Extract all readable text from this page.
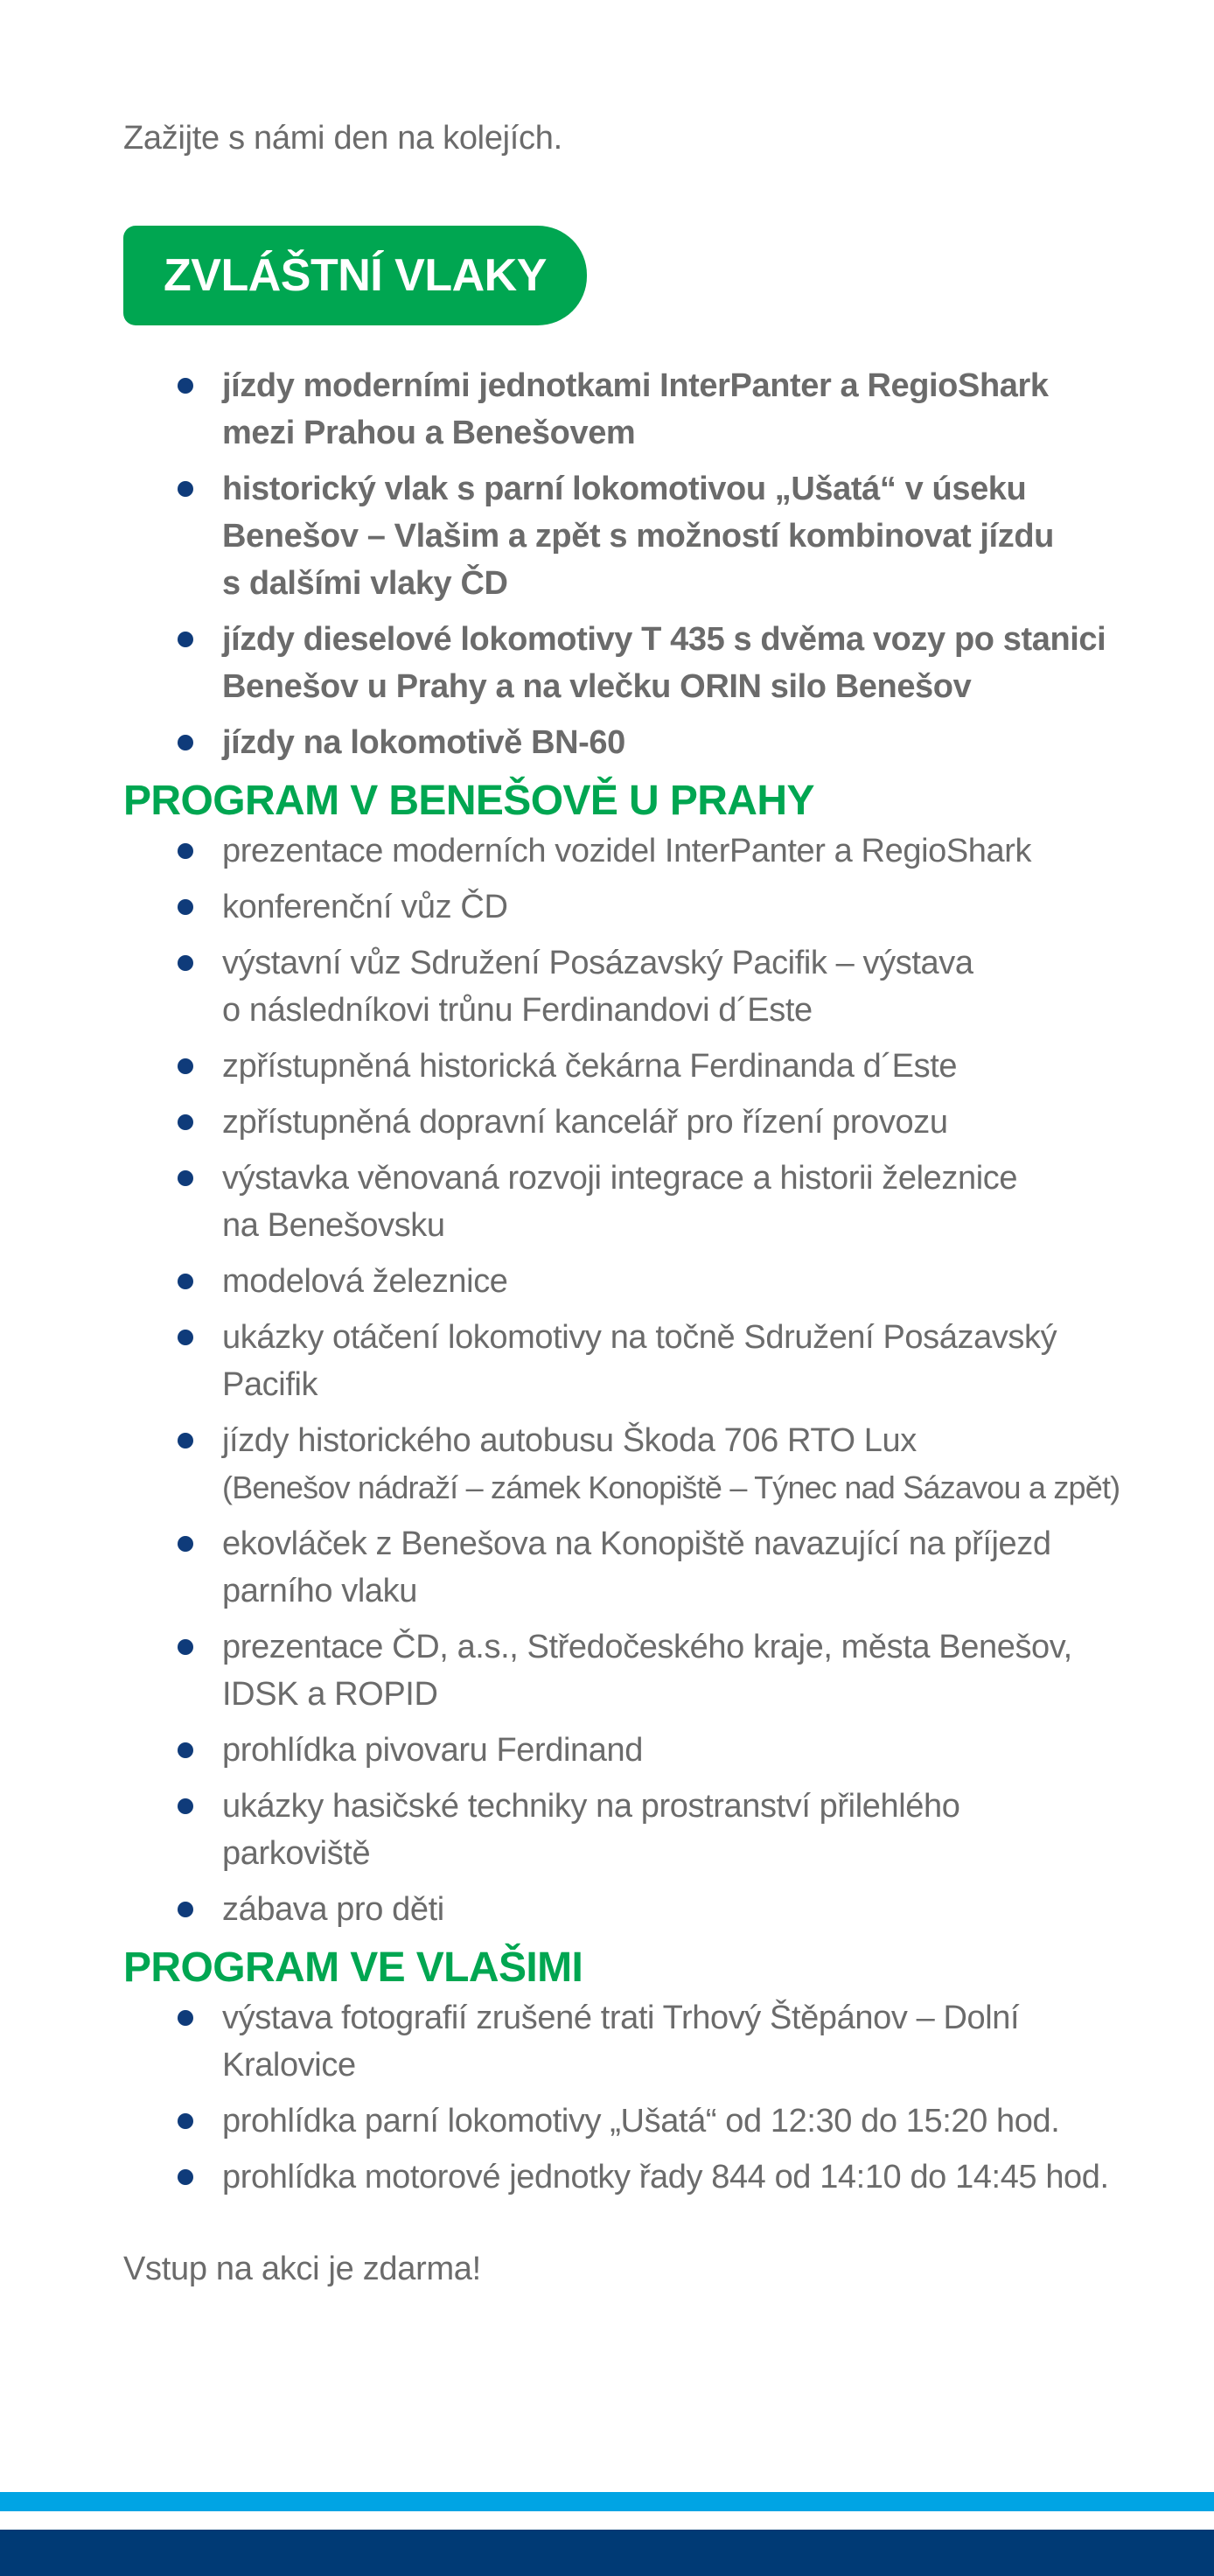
Zažijte s námi den na kolejích.

ZVLÁŠTNÍ VLAKY
jízdy moderními jednotkami InterPanter a RegioShark
mezi Prahou a Benešovem
historický vlak s parní lokomotivou „Ušatá“ v úseku
Benešov – Vlašim a zpět s možností kombinovat jízdu
s dalšími vlaky ČD
jízdy dieselové lokomotivy T 435 s dvěma vozy po stanici
Benešov u Prahy a na vlečku ORIN silo Benešov
jízdy na lokomotivě BN-60
PROGRAM V BENEŠOVĚ U PRAHY
prezentace moderních vozidel InterPanter a RegioShark
konferenční vůz ČD
výstavní vůz Sdružení Posázavský Pacifik – výstava
o následníkovi trůnu Ferdinandovi d´Este
zpřístupněná historická čekárna Ferdinanda d´Este
zpřístupněná dopravní kancelář pro řízení provozu
výstavka věnovaná rozvoji integrace a historii železnice
na Benešovsku
modelová železnice
ukázky otáčení lokomotivy na točně Sdružení Posázavský
Pacifik
jízdy historického autobusu Škoda 706 RTO Lux
(Benešov nádraží – zámek Konopiště – Týnec nad Sázavou a zpět)
ekovláček z Benešova na Konopiště navazující na příjezd
parního vlaku
prezentace ČD, a.s., Středočeského kraje, města Benešov,
IDSK a ROPID
prohlídka pivovaru Ferdinand
ukázky hasičské techniky na prostranství přilehlého
parkoviště
zábava pro děti
PROGRAM VE VLAŠIMI
výstava fotografií zrušené trati Trhový Štěpánov – Dolní Kralovice
prohlídka parní lokomotivy „Ušatá“ od 12:30 do 15:20 hod.
prohlídka motorové jednotky řady 844 od 14:10 do 14:45 hod.

Vstup na akci je zdarma!
